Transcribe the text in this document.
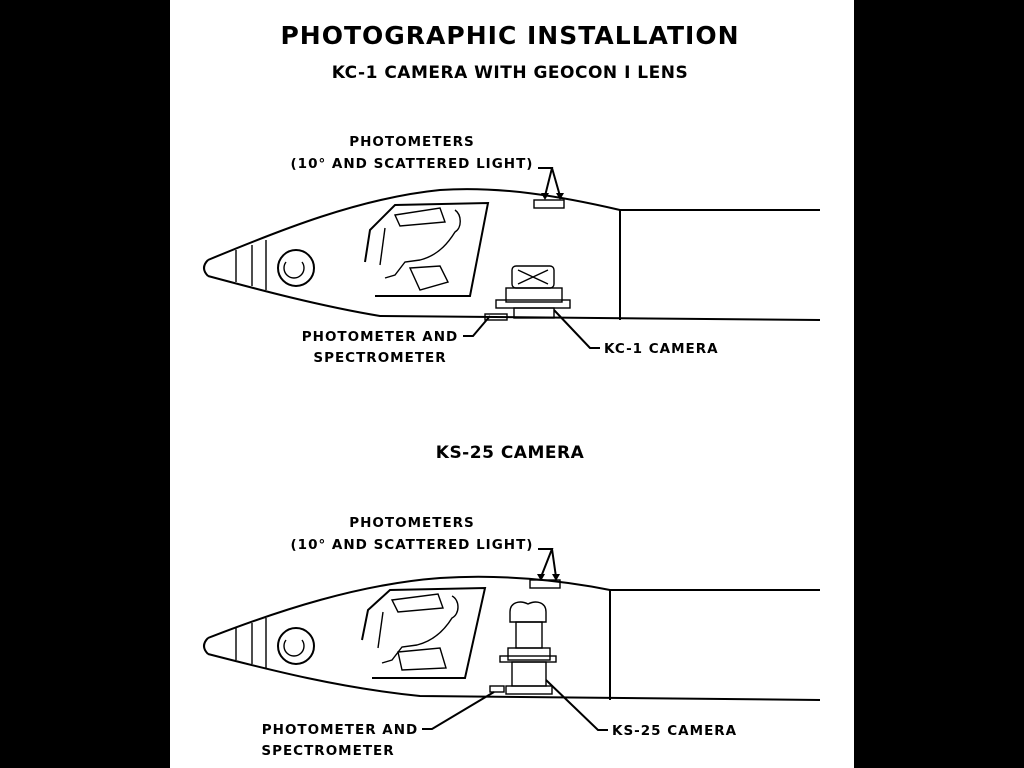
PHOTOGRAPHIC INSTALLATION
KC-1 CAMERA WITH GEOCON I LENS
PHOTOMETERS
(10° AND SCATTERED LIGHT)
PHOTOMETER AND
SPECTROMETER
KC-1 CAMERA
KS-25 CAMERA
PHOTOMETERS
(10° AND SCATTERED LIGHT)
PHOTOMETER AND
SPECTROMETER
KS-25 CAMERA
